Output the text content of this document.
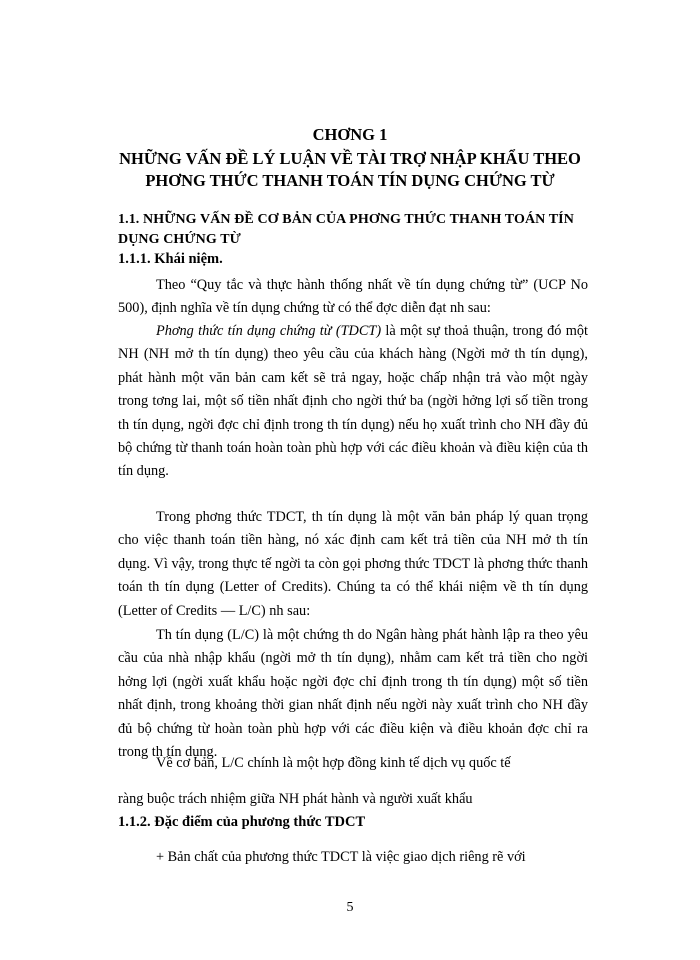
CHƠNG 1
NHỮNG VẤN ĐỀ LÝ LUẬN VỀ TÀI TRỢ NHẬP KHẨU THEO
PHƠNG THỨC THANH TOÁN TÍN DỤNG CHỨNG TỪ
1.1. NHỮNG VẤN ĐỀ CƠ BẢN CỦA PHƠNG THỨC THANH TOÁN TÍN
DỤNG CHỨNG TỪ
1.1.1. Khái niệm.
Theo “Quy tắc và thực hành thống nhất về tín dụng chứng từ” (UCP No 500), định nghĩa về tín dụng chứng từ có thể đợc diễn đạt nh sau:
Phơng thức tín dụng chứng từ (TDCT) là một sự thoả thuận, trong đó một NH (NH mở th tín dụng) theo yêu cầu của khách hàng (Ngời mở th tín dụng), phát hành một văn bản cam kết sẽ trả ngay, hoặc chấp nhận trả vào một ngày trong tơng lai, một số tiền nhất định cho ngời thứ ba (ngời hởng lợi số tiền trong th tín dụng, ngời đợc chỉ định trong th tín dụng) nếu họ xuất trình cho NH đầy đủ bộ chứng từ thanh toán hoàn toàn phù hợp với các điều khoản và điều kiện của th tín dụng.
Trong phơng thức TDCT, th tín dụng là một văn bản pháp lý quan trọng cho việc thanh toán tiền hàng, nó xác định cam kết trả tiền của NH mở th tín dụng. Vì vậy, trong thực tế ngời ta còn gọi phơng thức TDCT là phơng thức thanh toán th tín dụng (Letter of Credits). Chúng ta có thể khái niệm về th tín dụng (Letter of Credits — L/C) nh sau:
Th tín dụng (L/C) là một chứng th do Ngân hàng phát hành lập ra theo yêu cầu của nhà nhập khẩu (ngời mở th tín dụng), nhằm cam kết trả tiền cho ngời hởng lợi (ngời xuất khẩu hoặc ngời đợc chỉ định trong th tín dụng) một số tiền nhất định, trong khoảng thời gian nhất định nếu ngời này xuất trình cho NH đầy đủ bộ chứng từ hoàn toàn phù hợp với các điều kiện và điều khoản đợc chỉ ra trong th tín dụng.
Về cơ bản, L/C chính là một hợp đồng kinh tế dịch vụ quốc tế
ràng buộc trách nhiệm giữa NH phát hành và người xuất khẩu
1.1.2. Đặc điểm của phương thức TDCT
+ Bản chất của phương thức TDCT là việc giao dịch riêng rẽ với
5
